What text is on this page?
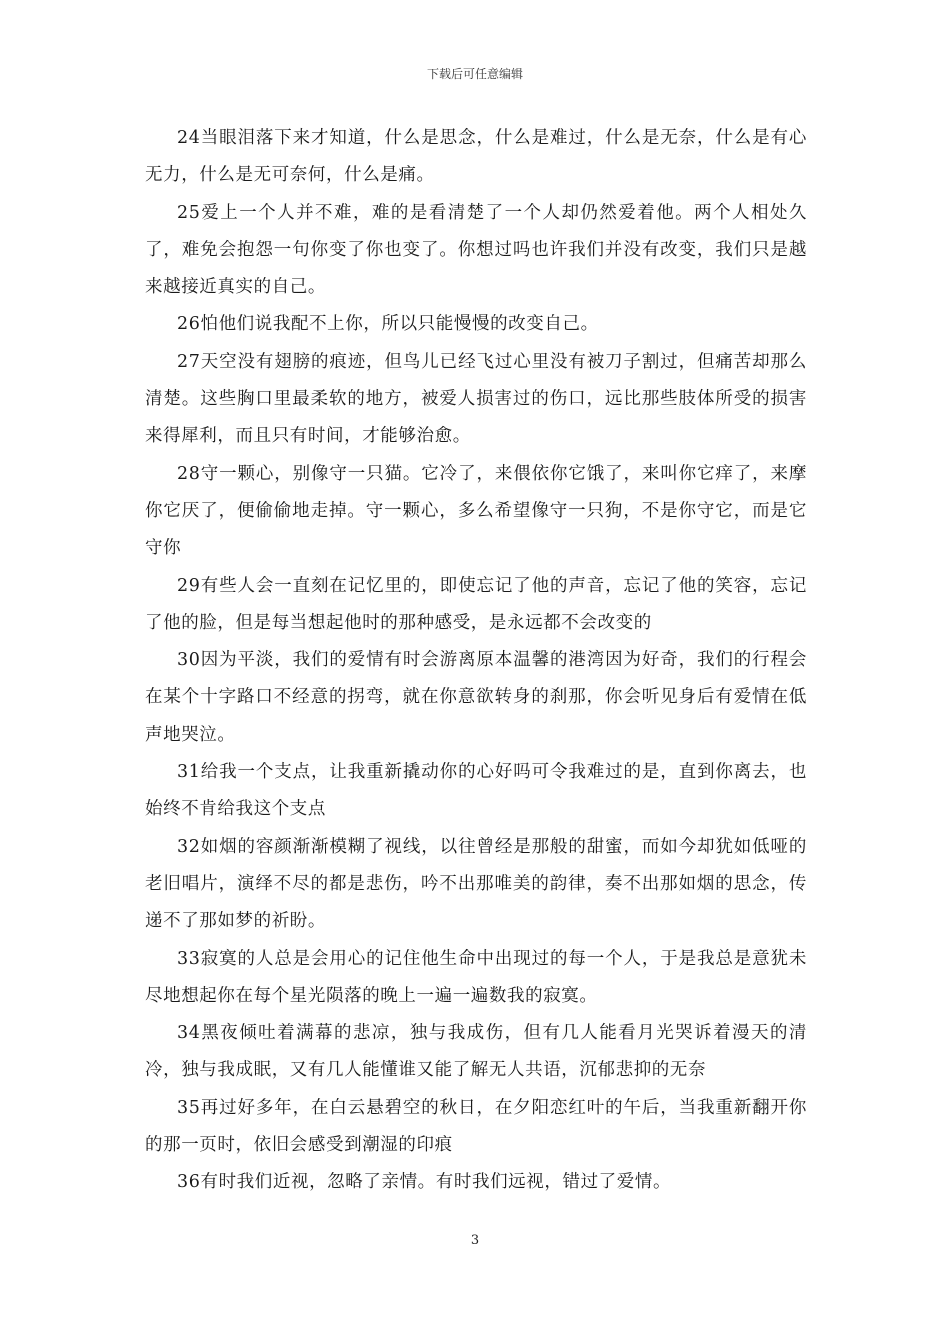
下载后可任意编辑

24当眼泪落下来才知道，什么是思念，什么是难过，什么是无奈，什么是有心无力，什么是无可奈何，什么是痛。

25爱上一个人并不难，难的是看清楚了一个人却仍然爱着他。两个人相处久了，难免会抱怨一句你变了你也变了。你想过吗也许我们并没有改变，我们只是越来越接近真实的自己。

26怕他们说我配不上你，所以只能慢慢的改变自己。

27天空没有翅膀的痕迹，但鸟儿已经飞过心里没有被刀子割过，但痛苦却那么清楚。这些胸口里最柔软的地方，被爱人损害过的伤口，远比那些肢体所受的损害来得犀利，而且只有时间，才能够治愈。

28守一颗心，别像守一只猫。它冷了，来偎依你它饿了，来叫你它痒了，来摩你它厌了，便偷偷地走掉。守一颗心，多么希望像守一只狗，不是你守它，而是它守你

29有些人会一直刻在记忆里的，即使忘记了他的声音，忘记了他的笑容，忘记了他的脸，但是每当想起他时的那种感受，是永远都不会改变的

30因为平淡，我们的爱情有时会游离原本温馨的港湾因为好奇，我们的行程会在某个十字路口不经意的拐弯，就在你意欲转身的刹那，你会听见身后有爱情在低声地哭泣。

31给我一个支点，让我重新撬动你的心好吗可令我难过的是，直到你离去，也始终不肯给我这个支点

32如烟的容颜渐渐模糊了视线，以往曾经是那般的甜蜜，而如今却犹如低哑的老旧唱片，演绎不尽的都是悲伤，吟不出那唯美的韵律，奏不出那如烟的思念，传递不了那如梦的祈盼。

33寂寞的人总是会用心的记住他生命中出现过的每一个人，于是我总是意犹未尽地想起你在每个星光陨落的晚上一遍一遍数我的寂寞。

34黑夜倾吐着满幕的悲凉，独与我成伤，但有几人能看月光哭诉着漫天的清冷，独与我成眠，又有几人能懂谁又能了解无人共语，沉郁悲抑的无奈

35再过好多年，在白云悬碧空的秋日，在夕阳恋红叶的午后，当我重新翻开你的那一页时，依旧会感受到潮湿的印痕

36有时我们近视，忽略了亲情。有时我们远视，错过了爱情。

3
